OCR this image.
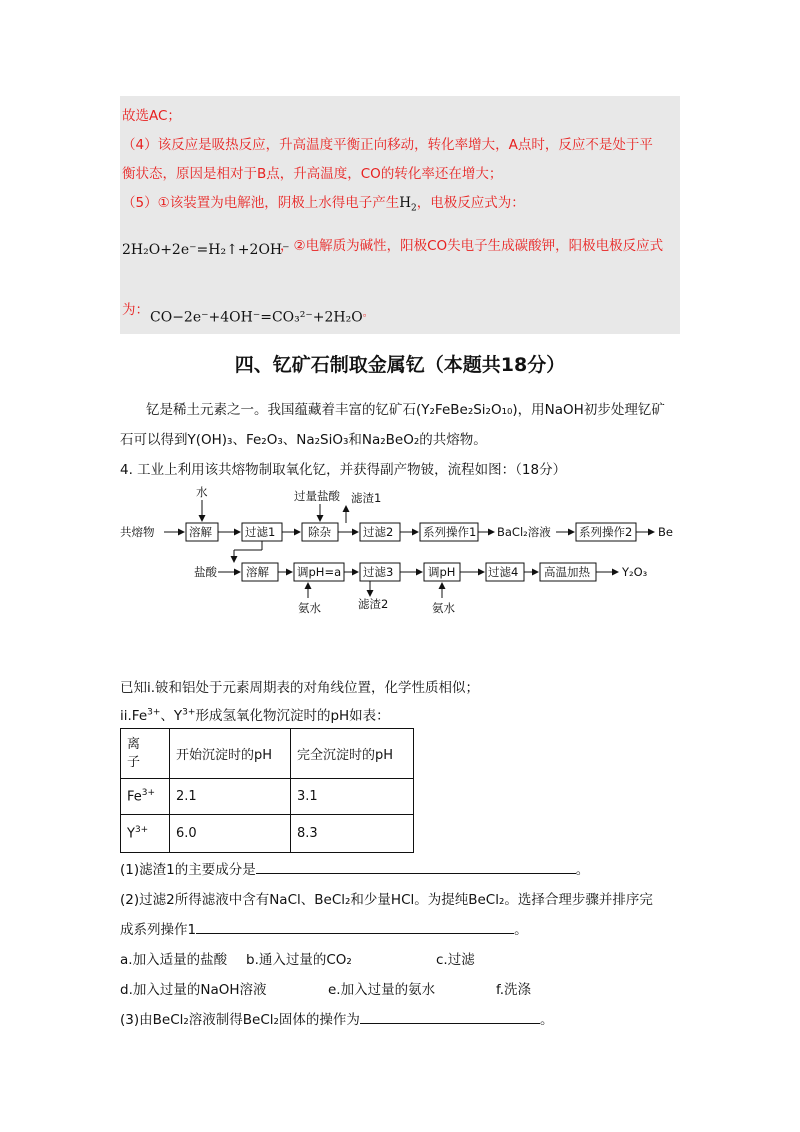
故选AC；
（4）该反应是吸热反应，升高温度平衡正向移动，转化率增大，A点时，反应不是处于平
衡状态，原因是相对于B点，升高温度，CO的转化率还在增大；
（5）①该装置为电解池，阴极上水得电子产生$H_2$，电极反应式为：
2H₂O+2e⁻=H₂↑+2OH⁻
，②电解质为碱性，阳极CO失电子生成碳酸钾，阳极电极反应式
为： CO−2e⁻+4OH⁻=CO₃²⁻+2H₂O。
四、钇矿石制取金属钇（本题共18分）
钇是稀土元素之一。我国蕴藏着丰富的钇矿石(Y₂FeBe₂Si₂O₁₀)，用NaOH初步处理钇矿
石可以得到Y(OH)₃、Fe₂O₃、Na₂SiO₃和Na₂BeO₂的共熔物。
4. 工业上利用该共熔物制取氧化钇，并获得副产物铍，流程如图：（18分）
水	过量盐酸 滤渣1
共熔物	溶解	过滤1	除杂	过滤2	系列操作1 BaCl₂溶液 系列操作2 Be
盐酸	溶解 调pH=a 过滤3	调pH	过滤4 高温加热	Y₂O₃
氨水	滤渣2	氨水
已知i.铍和铝处于元素周期表的对角线位置，化学性质相似；
$ii.Fe^{3+}$、$Y^{3+}$形成氢氧化物沉淀时的pH如表：
离
子	开始沉淀时的pH	完全沉淀时的pH
$Fe^{3+}$	2.1	3.1
$Y^{3+}$	6.0	8.3
(1)滤渣1的主要成分是	。
(2)过滤2所得滤液中含有NaCl、BeCl₂和少量HCl。为提纯BeCl₂。选择合理步骤并排序完
成系列操作1	。
a.加入适量的盐酸 b.通入过量的CO₂	c.过滤
d.加入过量的NaOH溶液	e.加入过量的氨水	f.洗涤
(3)由BeCl₂溶液制得BeCl₂固体的操作为	。
